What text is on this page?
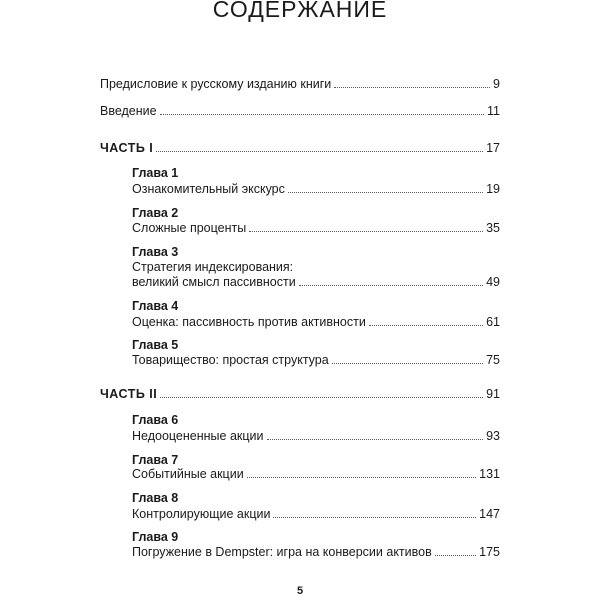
СОДЕРЖАНИЕ
Предисловие к русскому изданию книги	9
Введение	11
ЧАСТЬ I	17
Глава 1
Ознакомительный экскурс	19
Глава 2
Сложные проценты	35
Глава 3
Стратегия индексирования:
великий смысл пассивности	49
Глава 4
Оценка: пассивность против активности	61
Глава 5
Товарищество: простая структура	75
ЧАСТЬ II	91
Глава 6
Недооцененные акции	93
Глава 7
Событийные акции	131
Глава 8
Контролирующие акции	147
Глава 9
Погружение в Dempster: игра на конверсии активов	175
5
